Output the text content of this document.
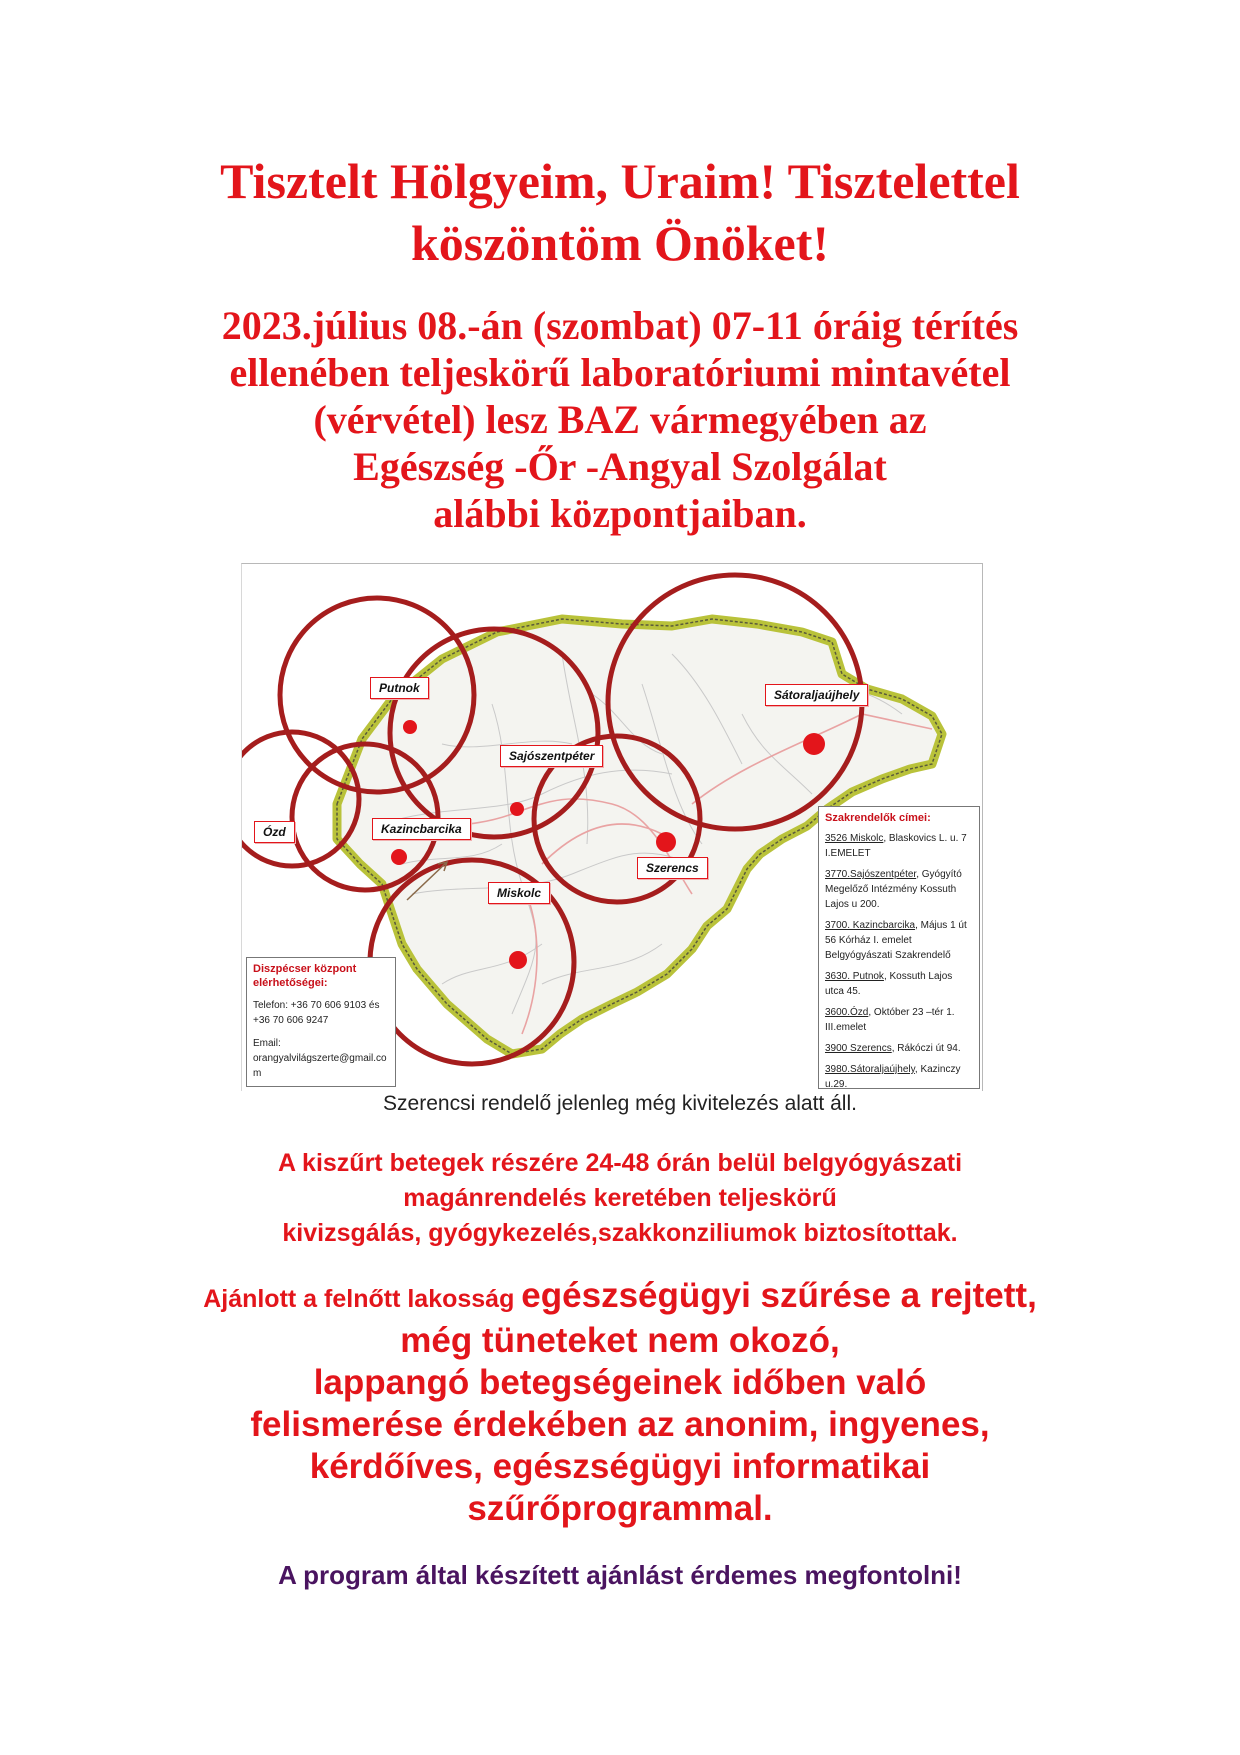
Tisztelt Hölgyeim, Uraim! Tisztelettel
köszöntöm Önöket!
2023.július 08.-án (szombat) 07-11 óráig térítés
ellenében teljeskörű laboratóriumi mintavétel
(vérvétel) lesz BAZ vármegyében az
Egészség -Őr -Angyal Szolgálat
alábbi központjaiban.
Putnok
Sajószentpéter
Sátoraljaújhely
Ózd	Kazincbarcika
Szerencs
Miskolc
Diszpécser központ elérhetőségei:
Telefon: +36 70 606 9103 és +36 70 606 9247
Email:
orangyalvilágszerte@gmail.com
Szakrendelők címei:
3526 Miskolc, Blaskovics L. u. 7 I.EMELET
3770.Sajószentpéter, Gyógyító Megelőző Intézmény Kossuth Lajos u 200.
3700. Kazincbarcika, Május 1 út 56 Kórház I. emelet Belgyógyászati Szakrendelő
3630. Putnok, Kossuth Lajos utca 45.
3600.Ózd, Október 23 –tér 1. III.emelet
3900 Szerencs, Rákóczi út 94.
3980.Sátoraljaújhely, Kazinczy u.29.
Szerencsi rendelő jelenleg még kivitelezés alatt áll.
A kiszűrt betegek részére 24-48 órán belül belgyógyászati
magánrendelés keretében teljeskörű
kivizsgálás, gyógykezelés,szakkonziliumok biztosítottak.
Ajánlott a felnőtt lakosság egészségügyi szűrése a rejtett,
még tüneteket nem okozó,
lappangó betegségeinek időben való
felismerése érdekében az anonim, ingyenes,
kérdőíves, egészségügyi informatikai
szűrőprogrammal.
A program által készített ajánlást érdemes megfontolni!
